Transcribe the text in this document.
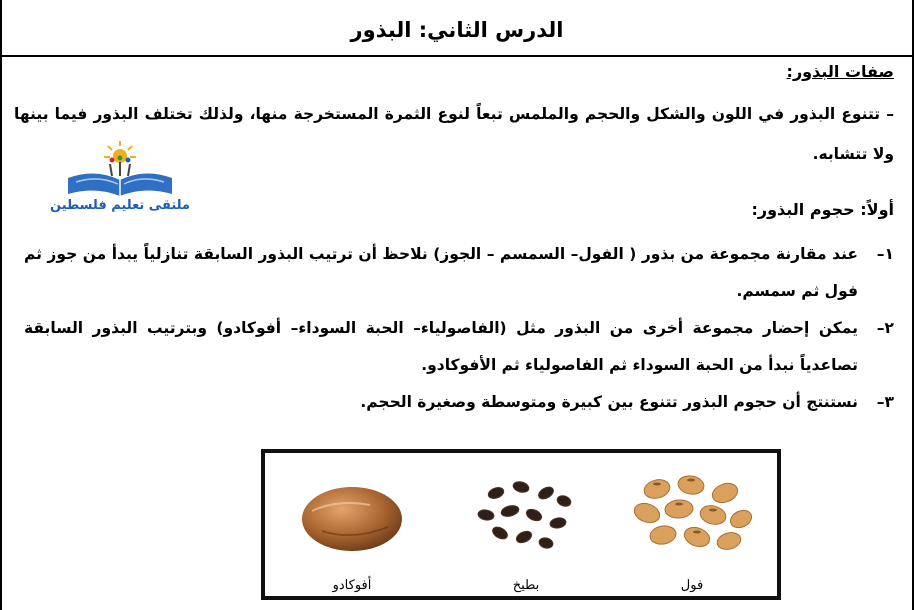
الدرس الثاني: البذور
صفات البذور:
– تتنوع البذور في اللون والشكل والحجم والملمس تبعاً لنوع الثمرة المستخرجة منها، ولذلك تختلف البذور فيما بينها ولا تتشابه.
ملتقى تعليم فلسطين	أولاً: حجوم البذور:
١–
عند مقارنة مجموعة من بذور ( الفول– السمسم – الجوز) نلاحظ أن ترتيب البذور السابقة تنازلياً يبدأ من جوز ثم فول ثم سمسم.
٢–
يمكن إحضار مجموعة أخرى من البذور مثل (الفاصولياء– الحبة السوداء– أفوكادو) وبترتيب البذور السابقة تصاعدياً نبدأ من الحبة السوداء ثم الفاصولياء ثم الأفوكادو.
٣–
نستنتج أن حجوم البذور تتنوع بين كبيرة ومتوسطة وصغيرة الحجم.
أفوكادو	بطيخ	فول
